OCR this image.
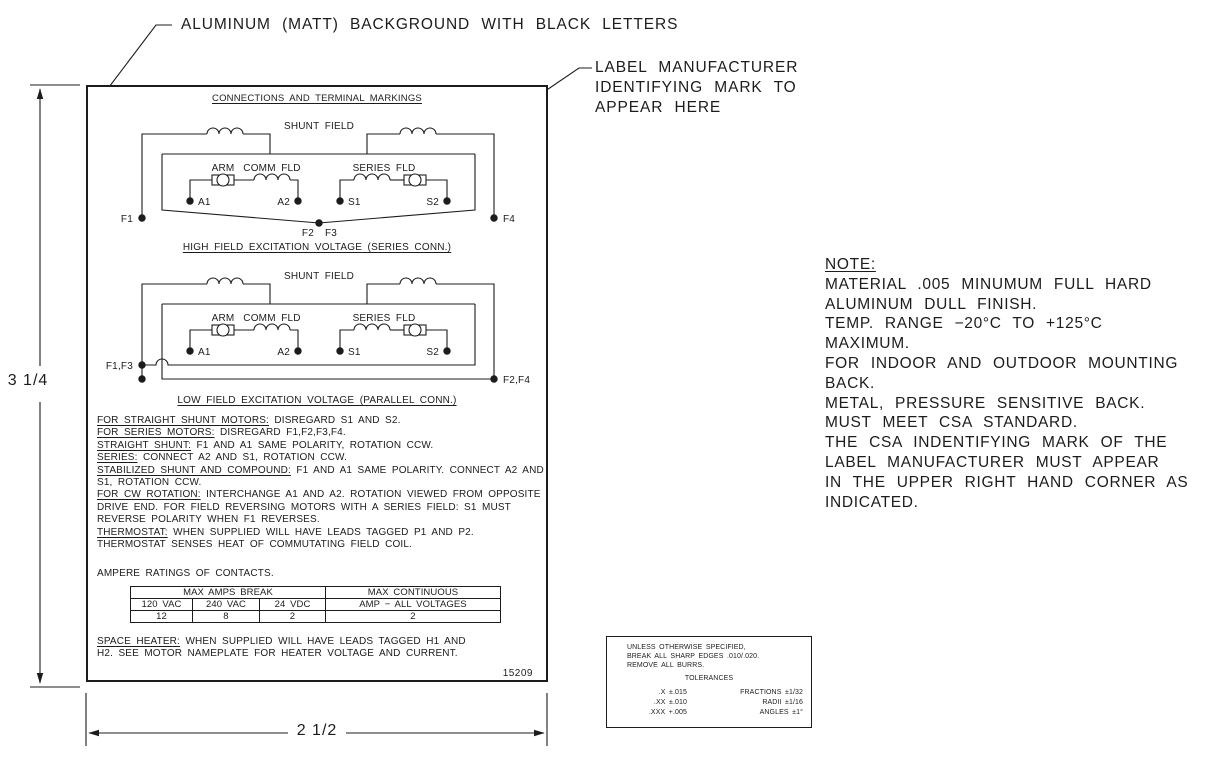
ALUMINUM (MATT) BACKGROUND WITH BLACK LETTERS
LABEL MANUFACTURER
IDENTIFYING MARK TO
APPEAR HERE
3 1/4
2 1/2
CONNECTIONS AND TERMINAL MARKINGS
SHUNT FIELD
ARM COMM FLD	SERIES FLD
F1	F4
F2 F3
A1	A2	S1	S2
HIGH FIELD EXCITATION VOLTAGE (SERIES CONN.)
SHUNT FIELD
ARM COMM FLD	SERIES FLD
F1,F3
F2,F4
A1	A2	S1	S2
LOW FIELD EXCITATION VOLTAGE (PARALLEL CONN.)
FOR STRAIGHT SHUNT MOTORS: DISREGARD S1 AND S2.
FOR SERIES MOTORS: DISREGARD F1,F2,F3,F4.
STRAIGHT SHUNT: F1 AND A1 SAME POLARITY, ROTATION CCW.
SERIES: CONNECT A2 AND S1, ROTATION CCW.
STABILIZED SHUNT AND COMPOUND: F1 AND A1 SAME POLARITY. CONNECT A2 AND S1, ROTATION CCW.
FOR CW ROTATION: INTERCHANGE A1 AND A2. ROTATION VIEWED FROM OPPOSITE DRIVE END. FOR FIELD REVERSING MOTORS WITH A SERIES FIELD: S1 MUST REVERSE POLARITY WHEN F1 REVERSES.
THERMOSTAT: WHEN SUPPLIED WILL HAVE LEADS TAGGED P1 AND P2. THERMOSTAT SENSES HEAT OF COMMUTATING FIELD COIL.
AMPERE RATINGS OF CONTACTS.
MAX AMPS BREAK			MAX CONTINUOUS
120 VAC	240 VAC	24 VDC	AMP − ALL VOLTAGES
12	8	2	2
SPACE HEATER: WHEN SUPPLIED WILL HAVE LEADS TAGGED H1 AND H2. SEE MOTOR NAMEPLATE FOR HEATER VOLTAGE AND CURRENT.
15209
NOTE:
MATERIAL .005 MINUMUM FULL HARD
ALUMINUM DULL FINISH.
TEMP. RANGE −20°C TO +125°C
MAXIMUM.
FOR INDOOR AND OUTDOOR MOUNTING
BACK.
METAL, PRESSURE SENSITIVE BACK.
MUST MEET CSA STANDARD.
THE CSA INDENTIFYING MARK OF THE
LABEL MANUFACTURER MUST APPEAR
IN THE UPPER RIGHT HAND CORNER AS
INDICATED.
UNLESS OTHERWISE SPECIFIED,
BREAK ALL SHARP EDGES .010/.020.
REMOVE ALL BURRS.
TOLERANCES
.X ±.015	FRACTIONS ±1/32
.XX ±.010	RADII ±1/16
.XXX +.005	ANGLES ±1°
